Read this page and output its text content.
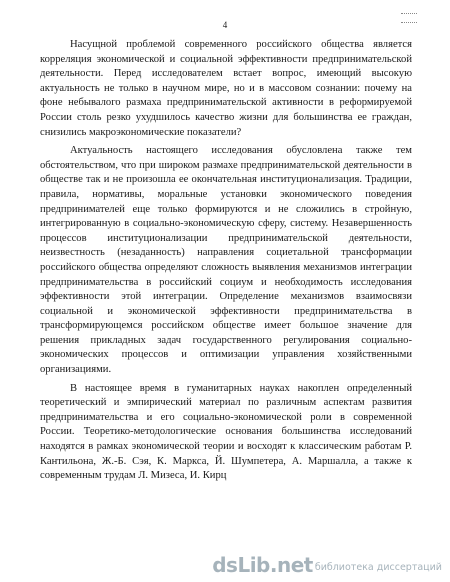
4

Насущной проблемой современного российского общества является корреляция экономической и социальной эффективности предпринимательской деятельности. Перед исследователем встает вопрос, имеющий высокую актуальность не только в научном мире, но и в массовом сознании: почему на фоне небывалого размаха предпринимательской активности в реформируемой России столь резко ухудшилось качество жизни для большинства ее граждан, снизились макроэкономические показатели?

Актуальность настоящего исследования обусловлена также тем обстоятельством, что при широком размахе предпринимательской деятельности в обществе так и не произошла ее окончательная институционализация. Традиции, правила, нормативы, моральные установки экономического поведения предпринимателей еще только формируются и не сложились в стройную, интегрированную в социально-экономическую сферу, систему. Незавершенность процессов институционализации предпринимательской деятельности, неизвестность (незаданность) направления социетальной трансформации российского общества определяют сложность выявления механизмов интеграции предпринимательства в российский социум и необходимость исследования эффективности этой интеграции. Определение механизмов взаимосвязи социальной и экономической эффективности предпринимательства в трансформирующемся российском обществе имеет большое значение для решения прикладных задач государственного регулирования социально-экономических процессов и оптимизации управления хозяйственными организациями.

В настоящее время в гуманитарных науках накоплен определенный теоретический и эмпирический материал по различным аспектам развития предпринимательства и его социально-экономической роли в современной России. Теоретико-методологические основания большинства исследований находятся в рамках экономической теории и восходят к классическим работам Р. Кантильона, Ж.-Б. Сэя, К. Маркса, Й. Шумпетера, А. Маршалла, а также к современным трудам Л. Мизеса, И. Кирц

dsLib.net библиотека диссертаций
